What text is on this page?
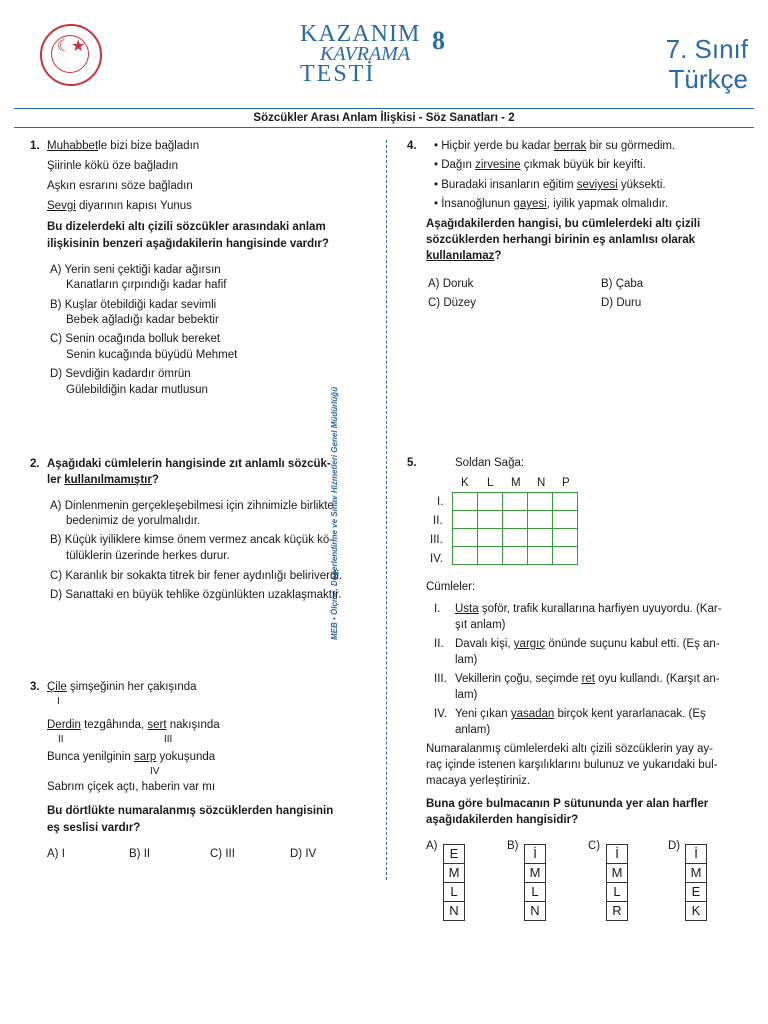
☾★	KAZANIM
KAVRAMA
TESTİ
8	7. Sınıf
Türkçe
Sözcükler Arası Anlam İlişkisi - Söz Sanatları - 2
MEB • Ölçme, Değerlendirme ve Sınav Hizmetleri Genel Müdürlüğü
1. Muhabbetle bizi bize bağladın
Şiirinle kökü öze bağladın
Aşkın esrarını söze bağladın
Sevgi diyarının kapısı Yunus
Bu dizelerdeki altı çizili sözcükler arasındaki anlam
ilişkisinin benzeri aşağıdakilerin hangisinde vardır?
A) Yerin seni çektiği kadar ağırsın
Kanatların çırpındığı kadar hafif
B) Kuşlar ötebildiği kadar sevimli
Bebek ağladığı kadar bebektir
C) Senin ocağında bolluk bereket
Senin kucağında büyüdü Mehmet
D) Sevdiğin kadardır ömrün
Gülebildiğin kadar mutlusun
2. Aşağıdaki cümlelerin hangisinde zıt anlamlı sözcük-
ler kullanılmamıştır?
A) Dinlenmenin gerçekleşebilmesi için zihnimizle birlikte
bedenimiz de yorulmalıdır.
B) Küçük iyiliklere kimse önem vermez ancak küçük kö-
tülüklerin üzerinde herkes durur.
C) Karanlık bir sokakta titrek bir fener aydınlığı beliriverdi.
D) Sanattaki en büyük tehlike özgünlükten uzaklaşmaktır.
3. Çile şimşeğinin her çakışında
I
Derdin tezgâhında, sert nakışında
II	III
Bunca yenilginin sarp yokuşunda
IV
Sabrım çiçek açtı, haberin var mı
Bu dörtlükte numaralanmış sözcüklerden hangisinin
eş seslisi vardır?
A) I	B) II	C) III	D) IV
4. • Hiçbir yerde bu kadar berrak bir su görmedim.
• Dağın zirvesine çıkmak büyük bir keyifti.
• Buradaki insanların eğitim seviyesi yüksekti.
• İnsanoğlunun gayesi, iyilik yapmak olmalıdır.
Aşağıdakilerden hangisi, bu cümlelerdeki altı çizili
sözcüklerden herhangi birinin eş anlamlısı olarak
kullanılamaz?
A) Doruk	B) Çaba
C) Düzey	D) Duru
5.	Soldan Sağa:
K L M N P
I.
II.
III.
IV.

Cümleler:
I. Usta şoför, trafik kurallarına harfiyen uyuyordu. (Kar-
şıt anlam)
II. Davalı kişi, yargıç önünde suçunu kabul etti. (Eş an-
lam)
III. Vekillerin çoğu, seçimde ret oyu kullandı. (Karşıt an-
lam)
IV. Yeni çıkan yasadan birçok kent yararlanacak. (Eş
anlam)
Numaralanmış cümlelerdeki altı çizili sözcüklerin yay ay-
raç içinde istenen karşılıklarını bulunuz ve yukarıdaki bul-
macaya yerleştiriniz.
Buna göre bulmacanın P sütununda yer alan harfler
aşağıdakilerden hangisidir?
A) E
M
L
N
B)	İ
M
L
N
C)	İ
M
L
R
D)	İ
M
E
K
